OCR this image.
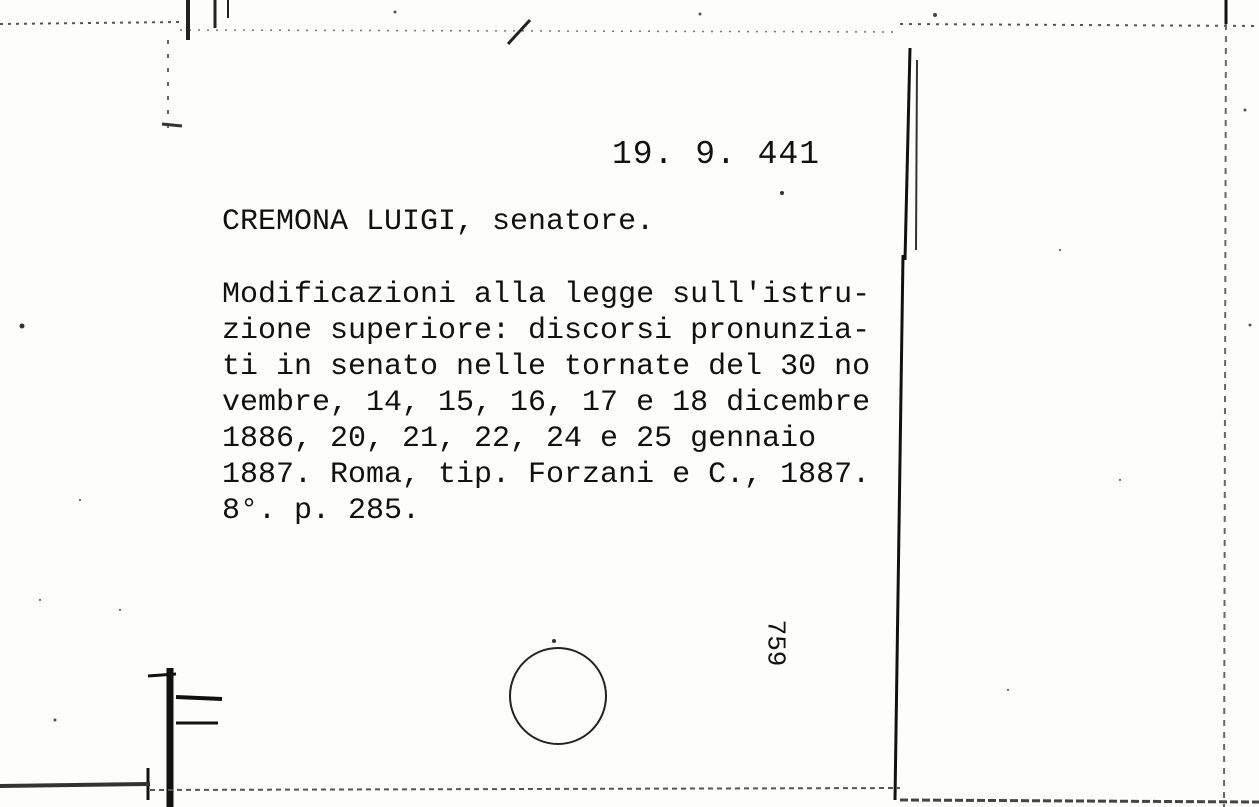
19. 9. 441
CREMONA LUIGI, senatore.
Modificazioni alla legge sull'istru-
zione superiore: discorsi pronunzia-
ti in senato nelle tornate del 30 no
vembre, 14, 15, 16, 17 e 18 dicembre
1886, 20, 21, 22, 24 e 25 gennaio
1887. Roma, tip. Forzani e C., 1887.
8°. p. 285.
759
